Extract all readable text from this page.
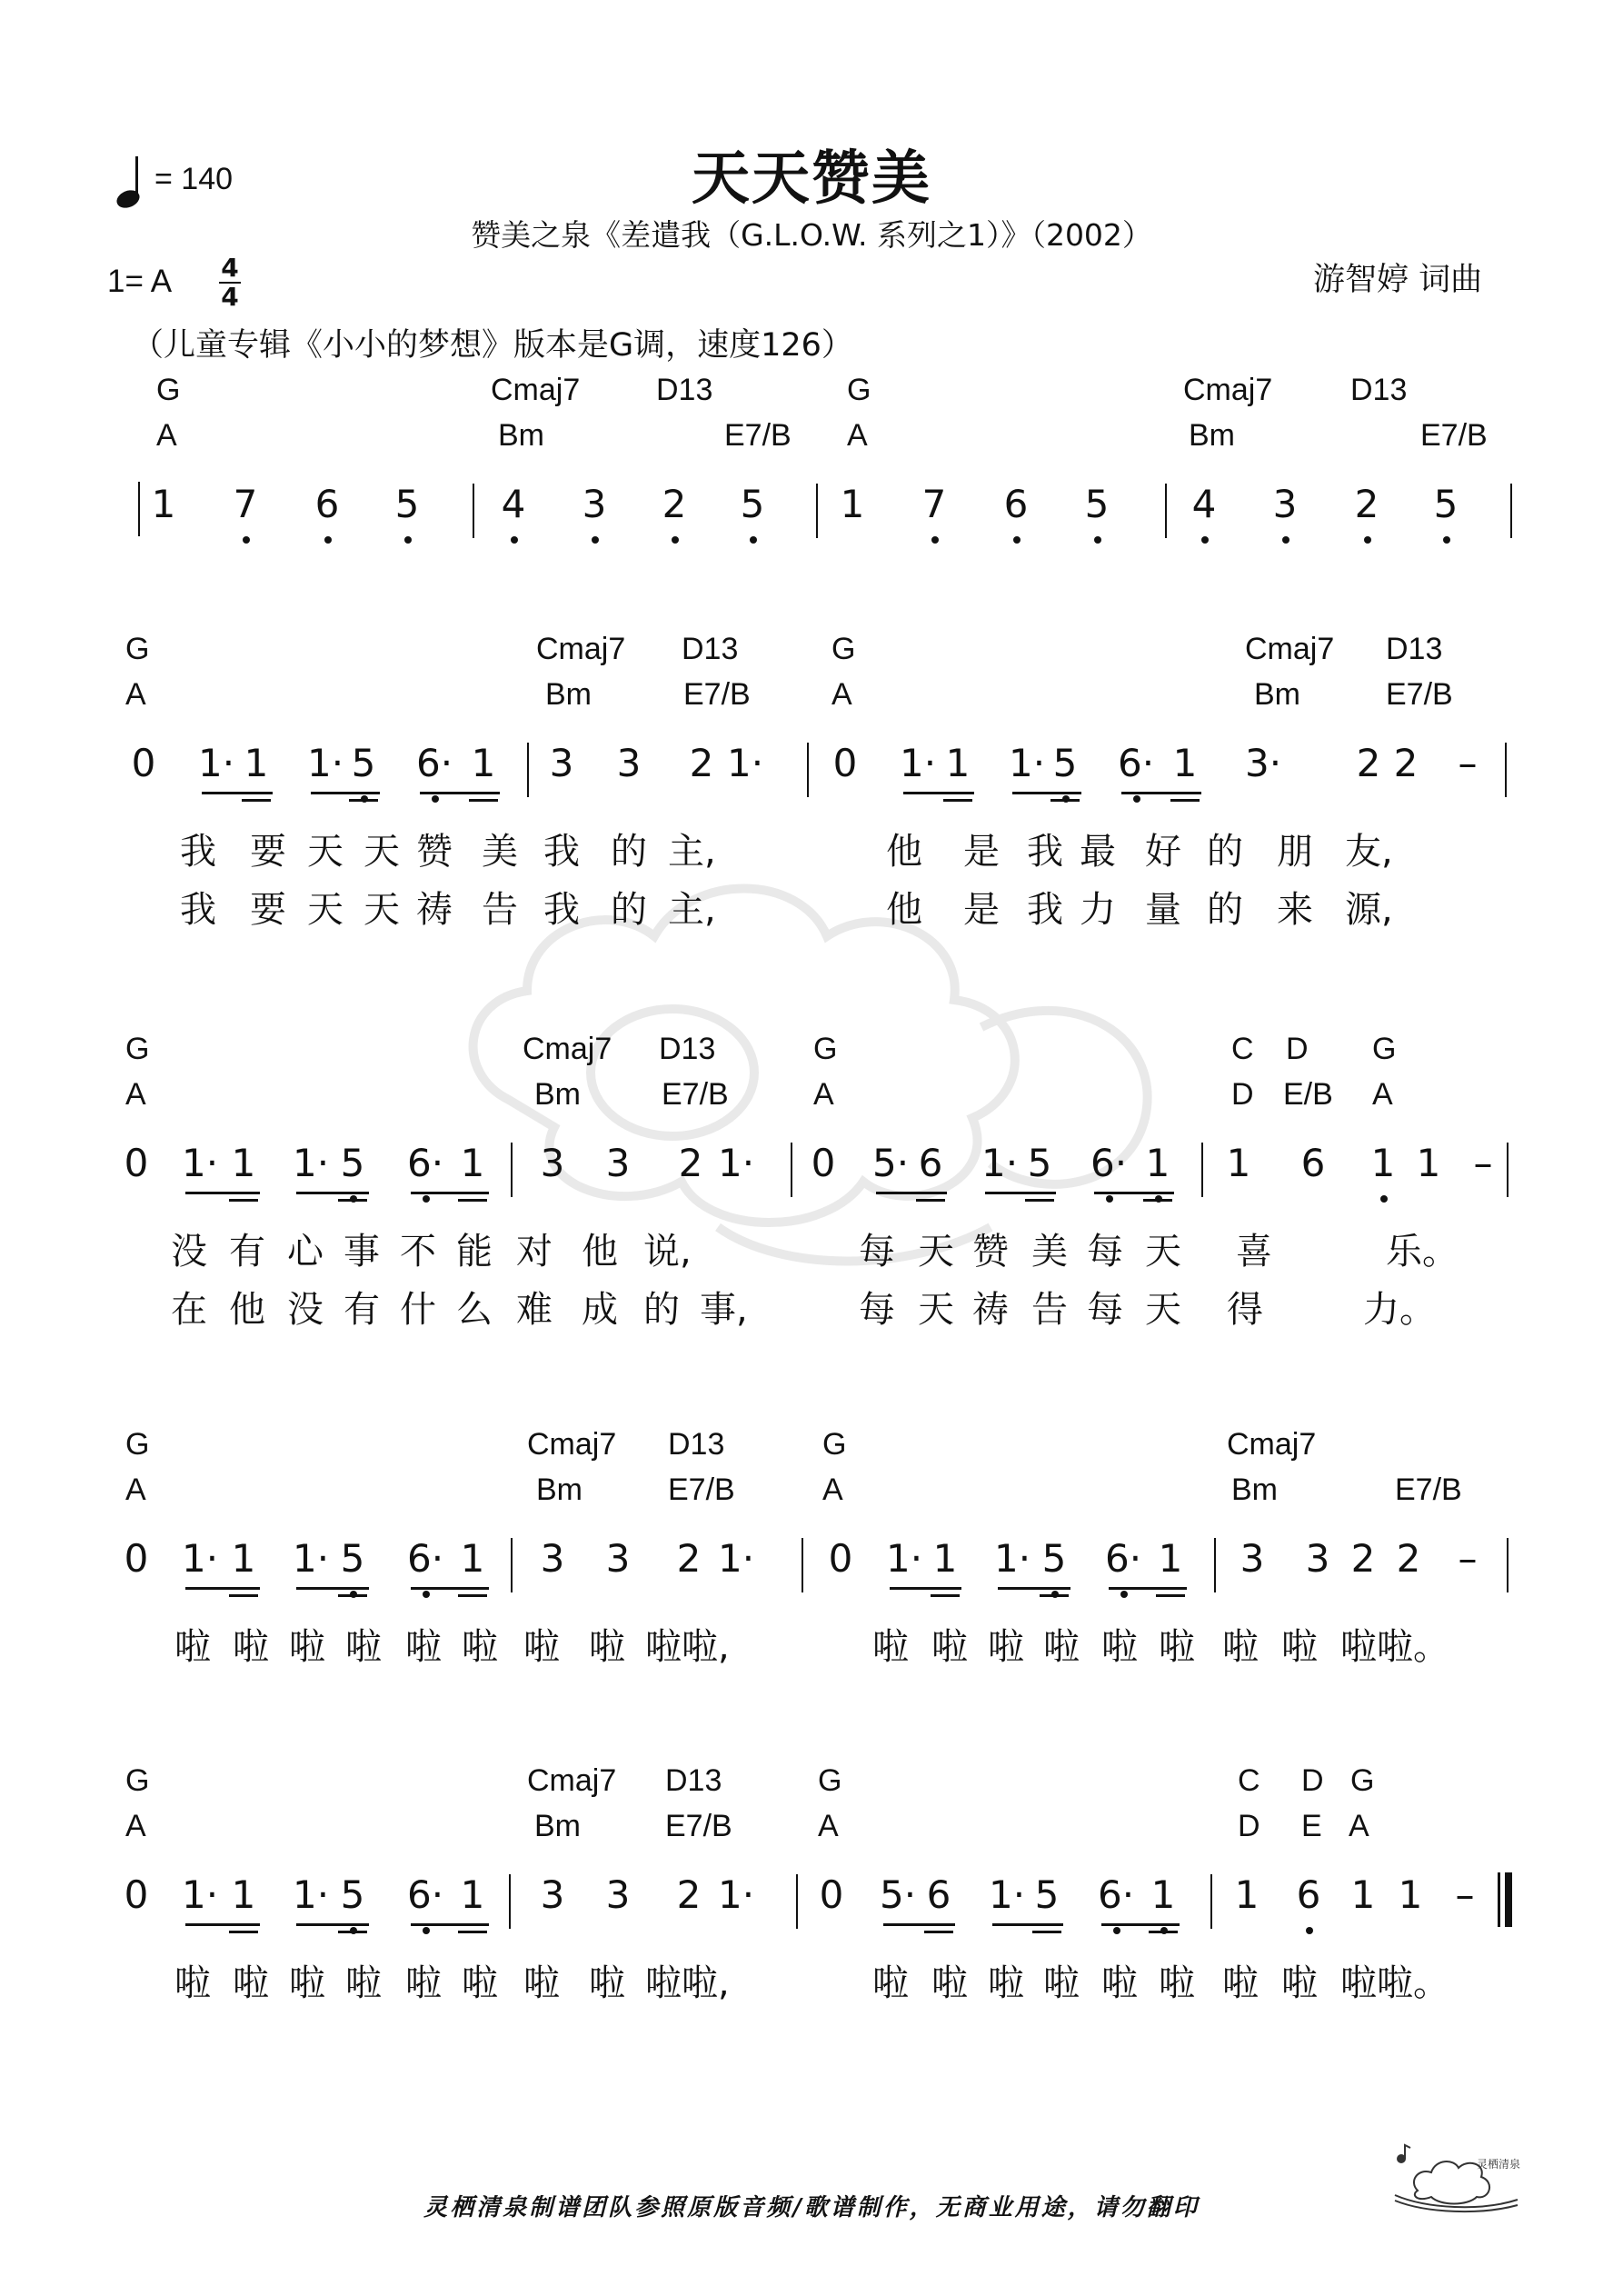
= 140	天天赞美
赞美之泉《差遣我（G.L.O.W. 系列之1）》（2002）
1= A 4
4	游智婷 词曲
（儿童专辑《小小的梦想》版本是G调，速度126）
G	Cmaj7 D13	G	Cmaj7	D13
A	Bm	E7/B A	Bm	E7/B
1 7 6 5 4 3 2 5 1 7 6 5 4 3 2 5
G	Cmaj7 D13	G	Cmaj7 D13
A	Bm	E7/B	A	Bm	E7/B
0 1· 1 1· 5 6· 1 3 3 2 1· 0 1· 1 1· 5 6· 1 3· 2 2 –
我 要 天 天 赞 美 我 的 主,	他 是 我 最 好 的 朋 友,
我 要 天 天 祷 告 我 的 主,	他 是 我 力 量 的 来 源,
G	Cmaj7 D13	G	C D G
A	Bm	E7/B	A	D E/B A
0 1· 1 1· 5 6· 1 3 3 2 1· 0 5· 6 1· 5 6· 1 1 6 1 1 –
没 有 心 事 不 能 对 他 说,	每 天 赞 美 每 天 喜	乐。
在 他 没 有 什 么 难 成 的 事,	每 天 祷 告 每 天 得	力。
G	Cmaj7 D13	G	Cmaj7
A	Bm	E7/B	A	Bm	E7/B
0 1· 1 1· 5 6· 1 3 3 2 1· 0 1· 1 1· 5 6· 1 3 3 2 2 –
啦 啦 啦 啦 啦 啦 啦 啦 啦啦,	啦 啦 啦 啦 啦 啦 啦 啦 啦啦。
G	Cmaj7 D13	G	C D G
A	Bm	E7/B	A	D E A
0 1· 1 1· 5 6· 1 3 3 2 1· 0 5· 6 1· 5 6· 1 1 6 1 1 –
啦 啦 啦 啦 啦 啦 啦 啦 啦啦,	啦 啦 啦 啦 啦 啦 啦 啦 啦啦。
灵栖清泉制谱团队参照原版音频/歌谱制作，无商业用途，请勿翻印
灵栖清泉
